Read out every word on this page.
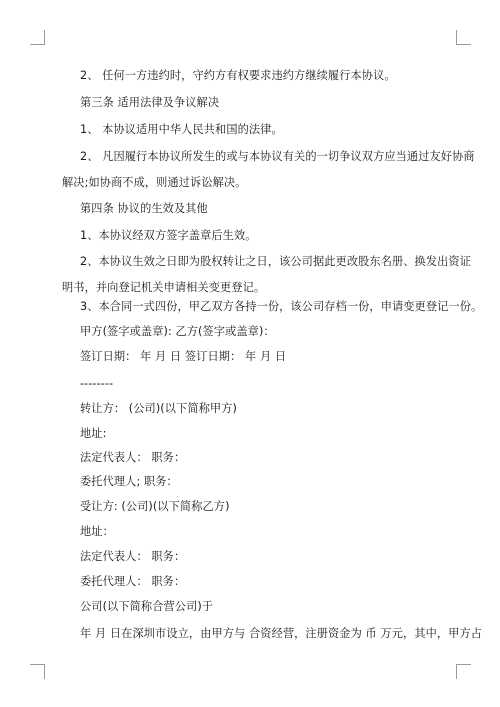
2、 任何一方违约时，守约方有权要求违约方继续履行本协议。
第三条 适用法律及争议解决
1、 本协议适用中华人民共和国的法律。
2、 凡因履行本协议所发生的或与本协议有关的一切争议双方应当通过友好协商
解决;如协商不成，则通过诉讼解决。
第四条 协议的生效及其他
1、本协议经双方签字盖章后生效。
2、本协议生效之日即为股权转让之日，该公司据此更改股东名册、换发出资证
明书，并向登记机关申请相关变更登记。
3、本合同一式四份，甲乙双方各持一份，该公司存档一份，申请变更登记一份。
甲方(签字或盖章): 乙方(签字或盖章)：
签订日期： 年 月 日 签订日期： 年 月 日
--------
转让方： (公司)(以下简称甲方)
地址:
法定代表人： 职务：
委托代理人; 职务：
受让方: (公司)(以下简称乙方)
地址：
法定代表人： 职务：
委托代理人： 职务：
公司(以下简称合营公司)于
年 月 日在深圳市设立，由甲方与 合资经营，注册资金为 币 万元，其中，甲方占
